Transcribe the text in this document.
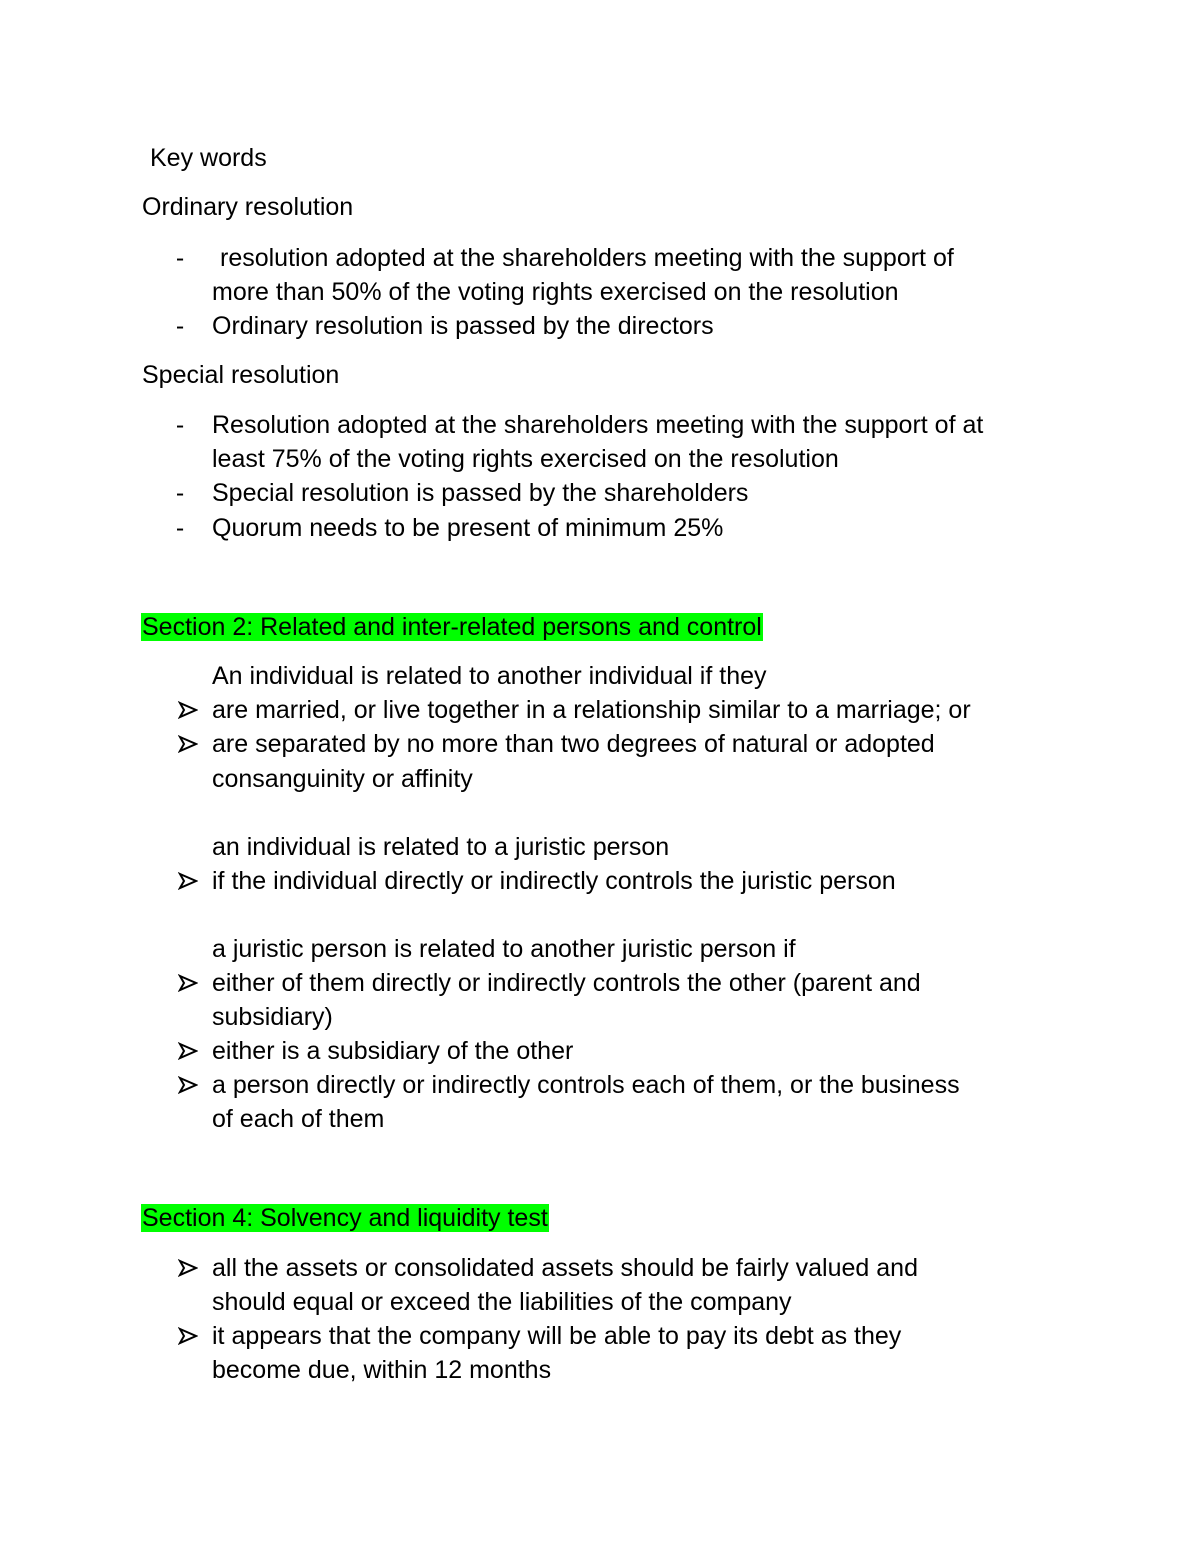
Key words
Ordinary resolution
-	resolution adopted at the shareholders meeting with the support of
more than 50% of the voting rights exercised on the resolution
-	Ordinary resolution is passed by the directors
Special resolution
-	Resolution adopted at the shareholders meeting with the support of at
least 75% of the voting rights exercised on the resolution
-	Special resolution is passed by the shareholders
-	Quorum needs to be present of minimum 25%
Section 2: Related and inter-related persons and control
An individual is related to another individual if they
are married, or live together in a relationship similar to a marriage; or
are separated by no more than two degrees of natural or adopted
consanguinity or affinity
an individual is related to a juristic person
if the individual directly or indirectly controls the juristic person
a juristic person is related to another juristic person if
either of them directly or indirectly controls the other (parent and
subsidiary)
either is a subsidiary of the other
a person directly or indirectly controls each of them, or the business
of each of them
Section 4: Solvency and liquidity test
all the assets or consolidated assets should be fairly valued and
should equal or exceed the liabilities of the company
it appears that the company will be able to pay its debt as they
become due, within 12 months
